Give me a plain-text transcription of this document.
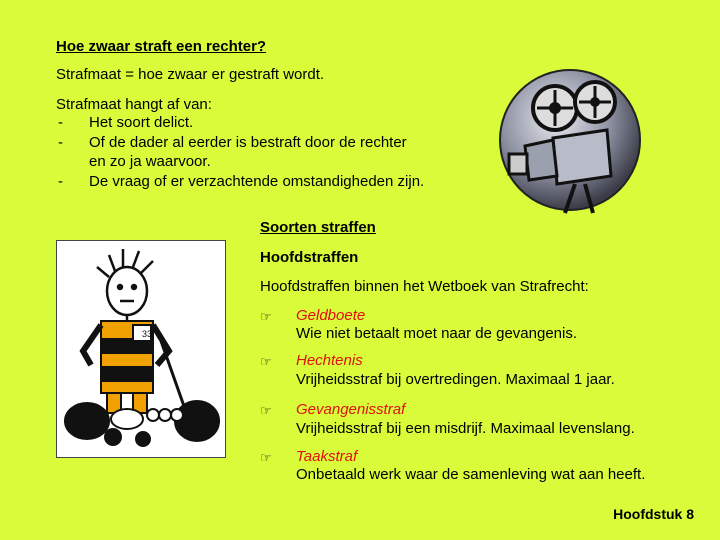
Hoe zwaar straft een rechter?
Strafmaat = hoe zwaar er gestraft wordt.
Strafmaat hangt af van:
- Het soort delict.
- Of de dader al eerder is bestraft door de rechter
en zo ja waarvoor.
- De vraag of er verzachtende omstandigheden zijn.
33
Soorten straffen
Hoofdstraffen
Hoofdstraffen binnen het Wetboek van Strafrecht:
☞ Geldboete
Wie niet betaalt moet naar de gevangenis.
☞ Hechtenis
Vrijheidsstraf bij overtredingen. Maximaal 1 jaar.
☞ Gevangenisstraf
Vrijheidsstraf bij een misdrijf. Maximaal levenslang.
☞ Taakstraf
Onbetaald werk waar de samenleving wat aan heeft.
Hoofdstuk 8
